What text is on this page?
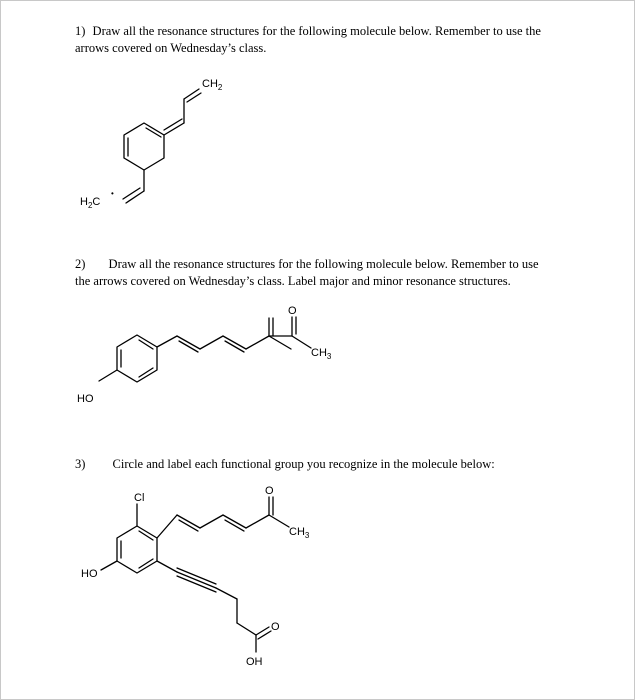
1) Draw all the resonance structures for the following molecule below. Remember to use the
arrows covered on Wednesday’s class.
2) Draw all the resonance structures for the following molecule below. Remember to use
the arrows covered on Wednesday’s class. Label major and minor resonance structures.
3) Circle and label each functional group you recognize in the molecule below:
$CH_2$
$H_2C$
•
HO
O
$CH_3$
Cl
HO
O
$CH_3$
O
OH
